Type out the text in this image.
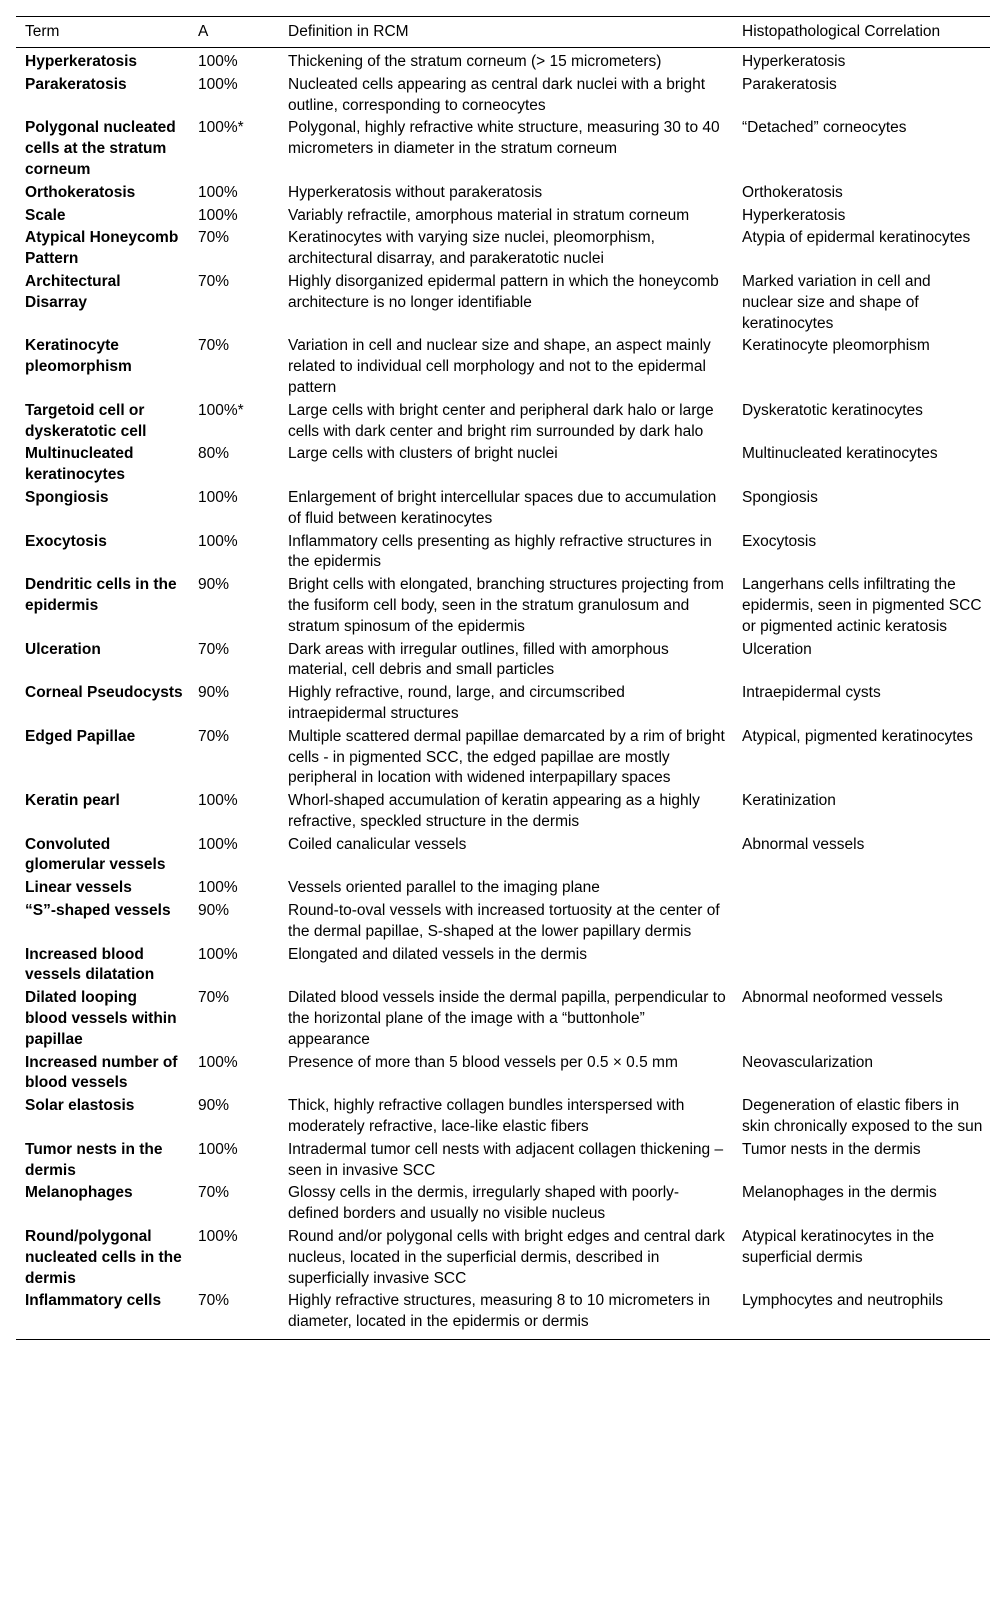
Term	A	Definition in RCM	Histopathological Correlation
Hyperkeratosis	100%	Thickening of the stratum corneum (> 15 micrometers)	Hyperkeratosis
Parakeratosis	100%	Nucleated cells appearing as central dark nuclei with a bright outline, corresponding to corneocytes	Parakeratosis
Polygonal nucleated cells at the stratum corneum	100%*	Polygonal, highly refractive white structure, measuring 30 to 40 micrometers in diameter in the stratum corneum	“Detached” corneocytes
Orthokeratosis	100%	Hyperkeratosis without parakeratosis	Orthokeratosis
Scale	100%	Variably refractile, amorphous material in stratum corneum	Hyperkeratosis
Atypical Honeycomb Pattern	70%	Keratinocytes with varying size nuclei, pleomorphism, architectural disarray, and parakeratotic nuclei	Atypia of epidermal keratinocytes
Architectural Disarray	70%	Highly disorganized epidermal pattern in which the honeycomb architecture is no longer identifiable	Marked variation in cell and nuclear size and shape of keratinocytes
Keratinocyte pleomorphism	70%	Variation in cell and nuclear size and shape, an aspect mainly related to individual cell morphology and not to the epidermal pattern	Keratinocyte pleomorphism
Targetoid cell or dyskeratotic cell	100%*	Large cells with bright center and peripheral dark halo or large cells with dark center and bright rim surrounded by dark halo	Dyskeratotic keratinocytes
Multinucleated keratinocytes	80%	Large cells with clusters of bright nuclei	Multinucleated keratinocytes
Spongiosis	100%	Enlargement of bright intercellular spaces due to accumulation of fluid between keratinocytes	Spongiosis
Exocytosis	100%	Inflammatory cells presenting as highly refractive structures in the epidermis	Exocytosis
Dendritic cells in the epidermis	90%	Bright cells with elongated, branching structures projecting from the fusiform cell body, seen in the stratum granulosum and stratum spinosum of the epidermis	Langerhans cells infiltrating the epidermis, seen in pigmented SCC or pigmented actinic keratosis
Ulceration	70%	Dark areas with irregular outlines, filled with amorphous material, cell debris and small particles	Ulceration
Corneal Pseudocysts	90%	Highly refractive, round, large, and circumscribed intraepidermal structures	Intraepidermal cysts
Edged Papillae	70%	Multiple scattered dermal papillae demarcated by a rim of bright cells - in pigmented SCC, the edged papillae are mostly peripheral in location with widened interpapillary spaces	Atypical, pigmented keratinocytes
Keratin pearl	100%	Whorl-shaped accumulation of keratin appearing as a highly refractive, speckled structure in the dermis	Keratinization
Convoluted glomerular vessels	100%	Coiled canalicular vessels	Abnormal vessels
Linear vessels	100%	Vessels oriented parallel to the imaging plane	
“S”-shaped vessels	90%	Round-to-oval vessels with increased tortuosity at the center of the dermal papillae, S-shaped at the lower papillary dermis	
Increased blood vessels dilatation	100%	Elongated and dilated vessels in the dermis	
Dilated looping blood vessels within papillae	70%	Dilated blood vessels inside the dermal papilla, perpendicular to the horizontal plane of the image with a “buttonhole” appearance	Abnormal neoformed vessels
Increased number of blood vessels	100%	Presence of more than 5 blood vessels per 0.5 × 0.5 mm	Neovascularization
Solar elastosis	90%	Thick, highly refractive collagen bundles interspersed with moderately refractive, lace-like elastic fibers	Degeneration of elastic fibers in skin chronically exposed to the sun
Tumor nests in the dermis	100%	Intradermal tumor cell nests with adjacent collagen thickening – seen in invasive SCC	Tumor nests in the dermis
Melanophages	70%	Glossy cells in the dermis, irregularly shaped with poorly-defined borders and usually no visible nucleus	Melanophages in the dermis
Round/polygonal nucleated cells in the dermis	100%	Round and/or polygonal cells with bright edges and central dark nucleus, located in the superficial dermis, described in superficially invasive SCC	Atypical keratinocytes in the superficial dermis
Inflammatory cells	70%	Highly refractive structures, measuring 8 to 10 micrometers in diameter, located in the epidermis or dermis	Lymphocytes and neutrophils
